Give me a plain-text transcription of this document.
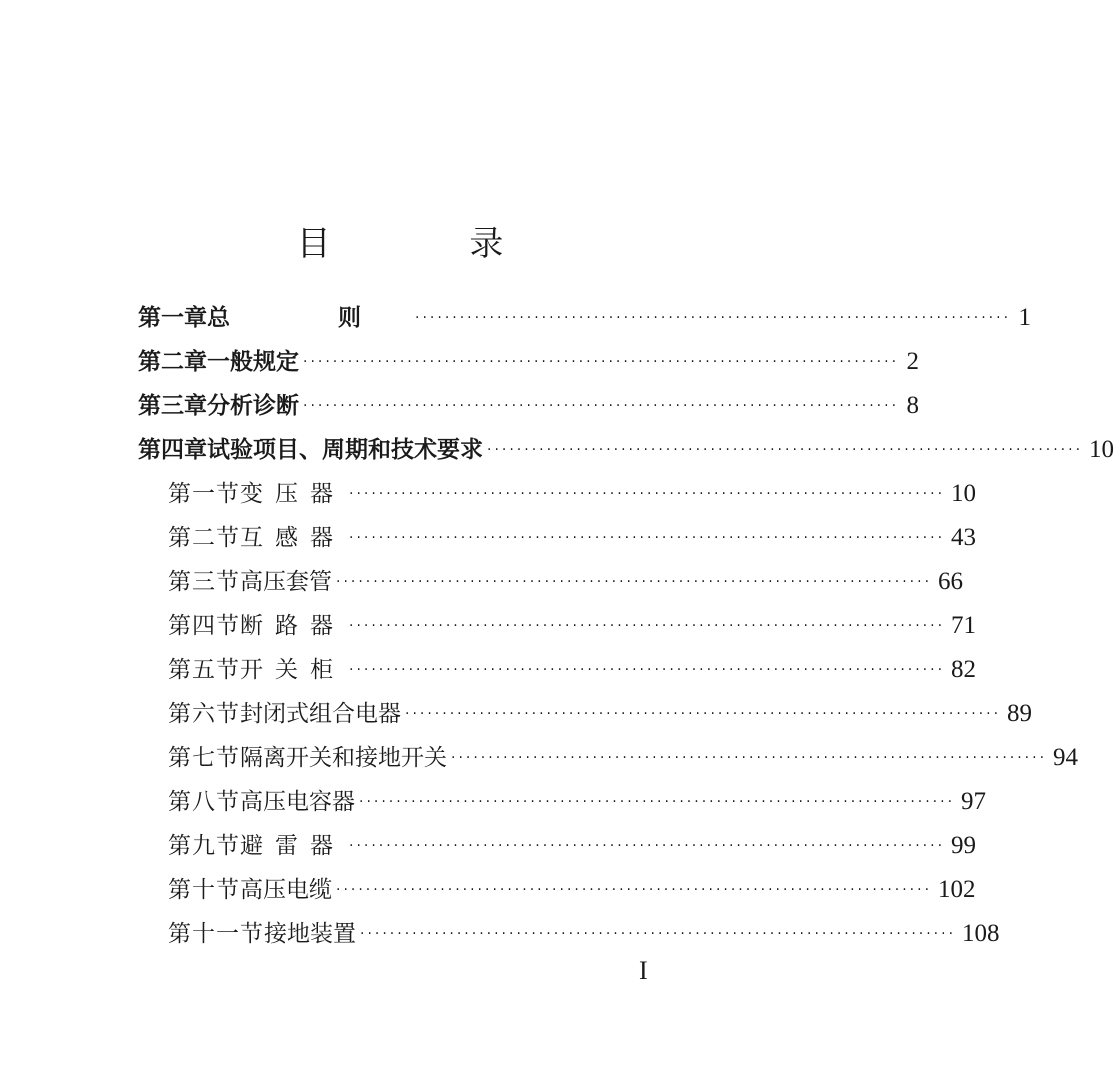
目 录
第一章 总 则 ················································································ 1
第二章 一般规定 ················································································ 2
第三章 分析诊断 ················································································ 8
第四章 试验项目、周期和技术要求 ················································································ 10
第一节 变压器 ················································································ 10
第二节 互感器 ················································································ 43
第三节 高压套管 ················································································ 66
第四节 断路器 ················································································ 71
第五节 开关柜 ················································································ 82
第六节 封闭式组合电器 ················································································ 89
第七节 隔离开关和接地开关 ················································································ 94
第八节 高压电容器 ················································································ 97
第九节 避雷器 ················································································ 99
第十节 高压电缆 ················································································ 102
第十一节 接地装置 ················································································ 108
I
